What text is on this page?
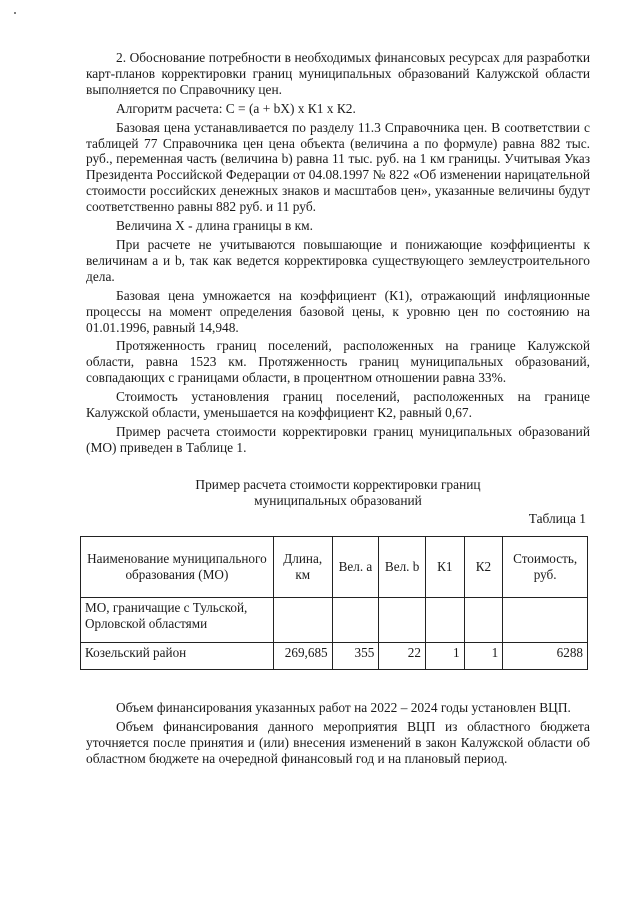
2. Обоснование потребности в необходимых финансовых ресурсах для разработки карт-планов корректировки границ муниципальных образований Калужской области выполняется по Справочнику цен.

Алгоритм расчета: С = (а + bХ) х К1 х К2.

Базовая цена устанавливается по разделу 11.3 Справочника цен. В соответствии с таблицей 77 Справочника цен цена объекта (величина а по формуле) равна 882 тыс. руб., переменная часть (величина b) равна 11 тыс. руб. на 1 км границы. Учитывая Указ Президента Российской Федерации от 04.08.1997 № 822 «Об изменении нарицательной стоимости российских денежных знаков и масштабов цен», указанные величины будут соответственно равны 882 руб. и 11 руб.

Величина Х - длина границы в км.

При расчете не учитываются повышающие и понижающие коэффициенты к величинам а и b, так как ведется корректировка существующего землеустроительного дела.

Базовая цена умножается на коэффициент (К1), отражающий инфляционные процессы на момент определения базовой цены, к уровню цен по состоянию на 01.01.1996, равный 14,948.

Протяженность границ поселений, расположенных на границе Калужской области, равна 1523 км. Протяженность границ муниципальных образований, совпадающих с границами области, в процентном отношении равна 33%.

Стоимость установления границ поселений, расположенных на границе Калужской области, уменьшается на коэффициент К2, равный 0,67.

Пример расчета стоимости корректировки границ муниципальных образований (МО) приведен в Таблице 1.

Пример расчета стоимости корректировки границ
муниципальных образований
Таблица 1
Наименование муниципального образования (МО)	Длина, км	Вел. а	Вел. b	К1	К2	Стоимость, руб.
МО, граничащие с Тульской, Орловской областями						
Козельский район	269,685	355	22	1	1	6288

Объем финансирования указанных работ на 2022 – 2024 годы установлен ВЦП.

Объем финансирования данного мероприятия ВЦП из областного бюджета уточняется после принятия и (или) внесения изменений в закон Калужской области об областном бюджете на очередной финансовый год и на плановый период.
